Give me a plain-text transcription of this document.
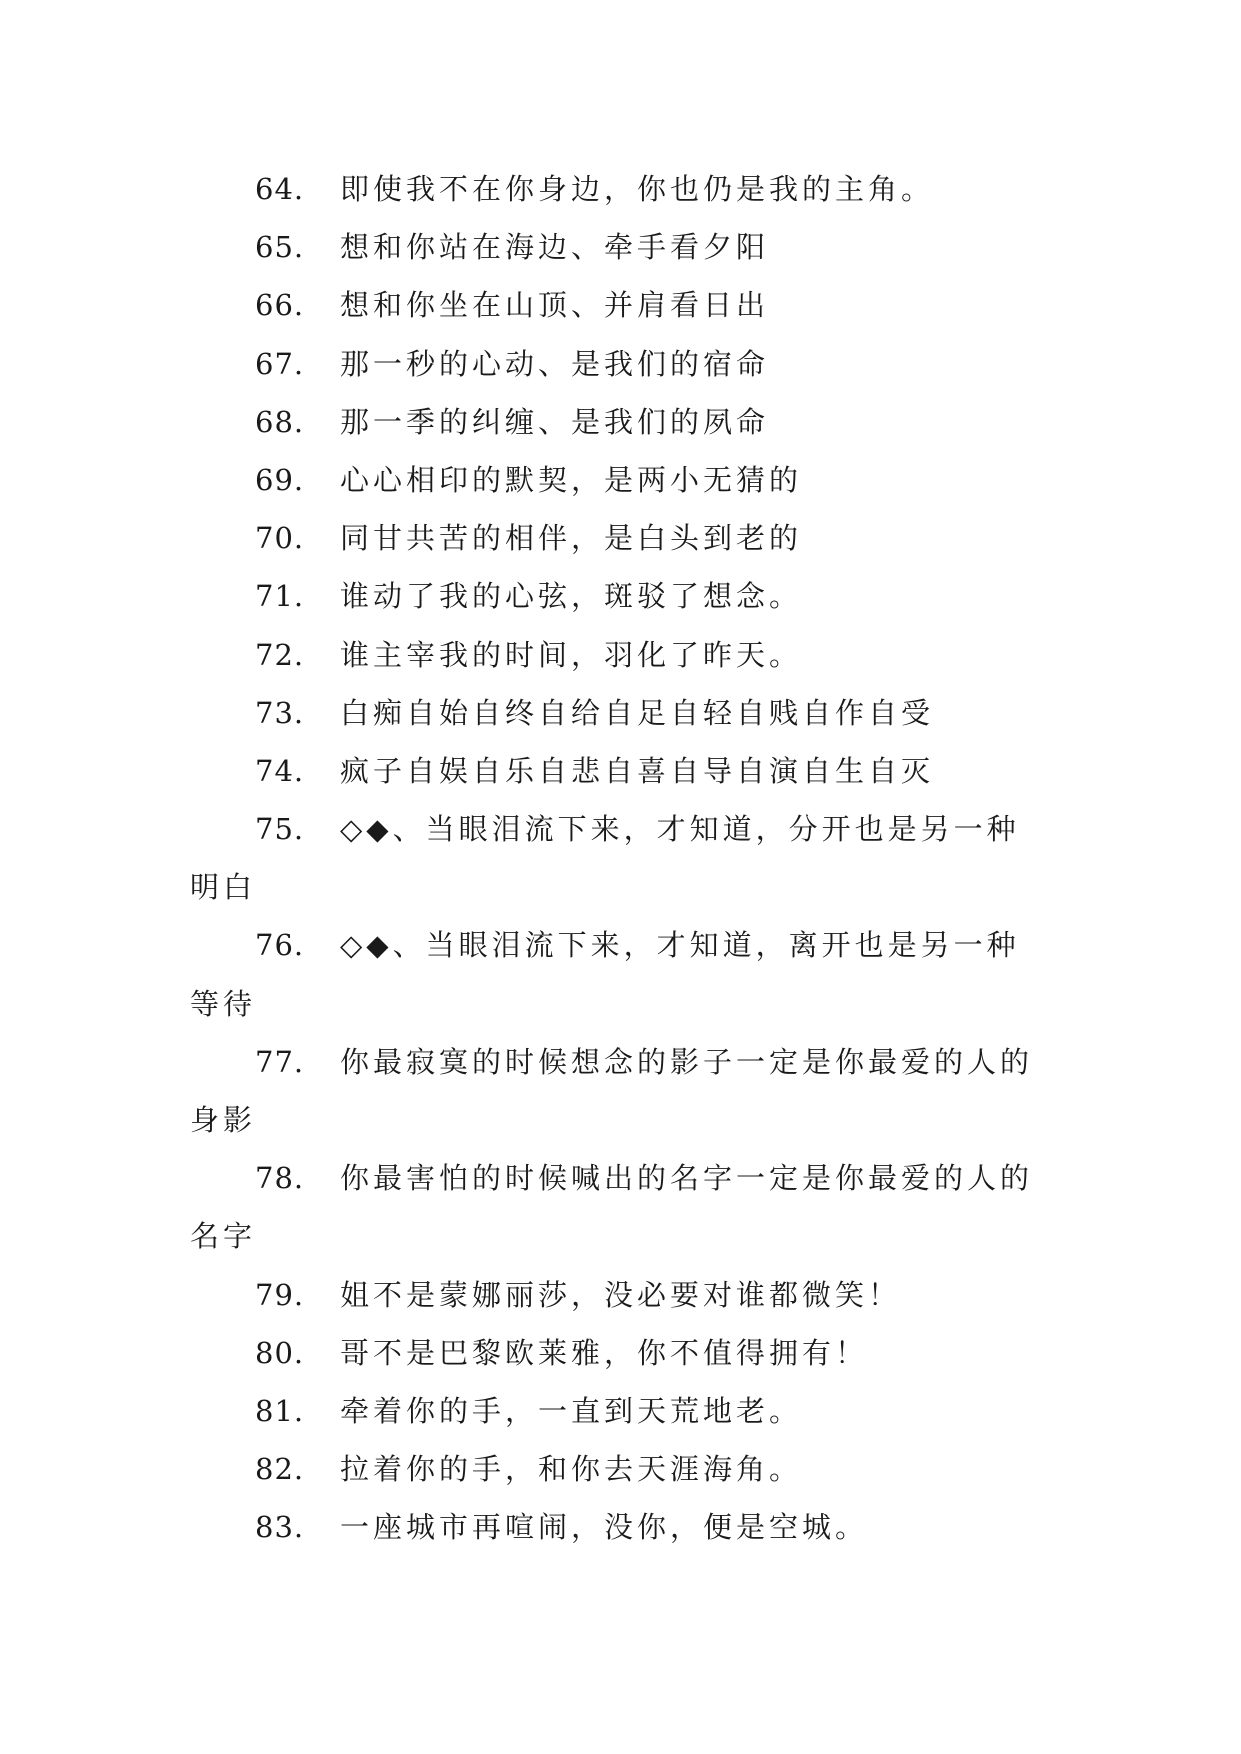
64. 即使我不在你身边，你也仍是我的主角。
65. 想和你站在海边、牵手看夕阳
66. 想和你坐在山顶、并肩看日出
67. 那一秒的心动、是我们的宿命
68. 那一季的纠缠、是我们的夙命
69. 心心相印的默契，是两小无猜的
70. 同甘共苦的相伴，是白头到老的
71. 谁动了我的心弦，斑驳了想念。
72. 谁主宰我的时间，羽化了昨天。
73. 白痴自始自终自给自足自轻自贱自作自受
74. 疯子自娱自乐自悲自喜自导自演自生自灭
75. ◇◆、当眼泪流下来，才知道，分开也是另一种
明白
76. ◇◆、当眼泪流下来，才知道，离开也是另一种
等待
77. 你最寂寞的时候想念的影子一定是你最爱的人的
身影
78. 你最害怕的时候喊出的名字一定是你最爱的人的
名字
79. 姐不是蒙娜丽莎，没必要对谁都微笑！
80. 哥不是巴黎欧莱雅，你不值得拥有！
81. 牵着你的手，一直到天荒地老。
82. 拉着你的手，和你去天涯海角。
83. 一座城市再喧闹，没你，便是空城。
